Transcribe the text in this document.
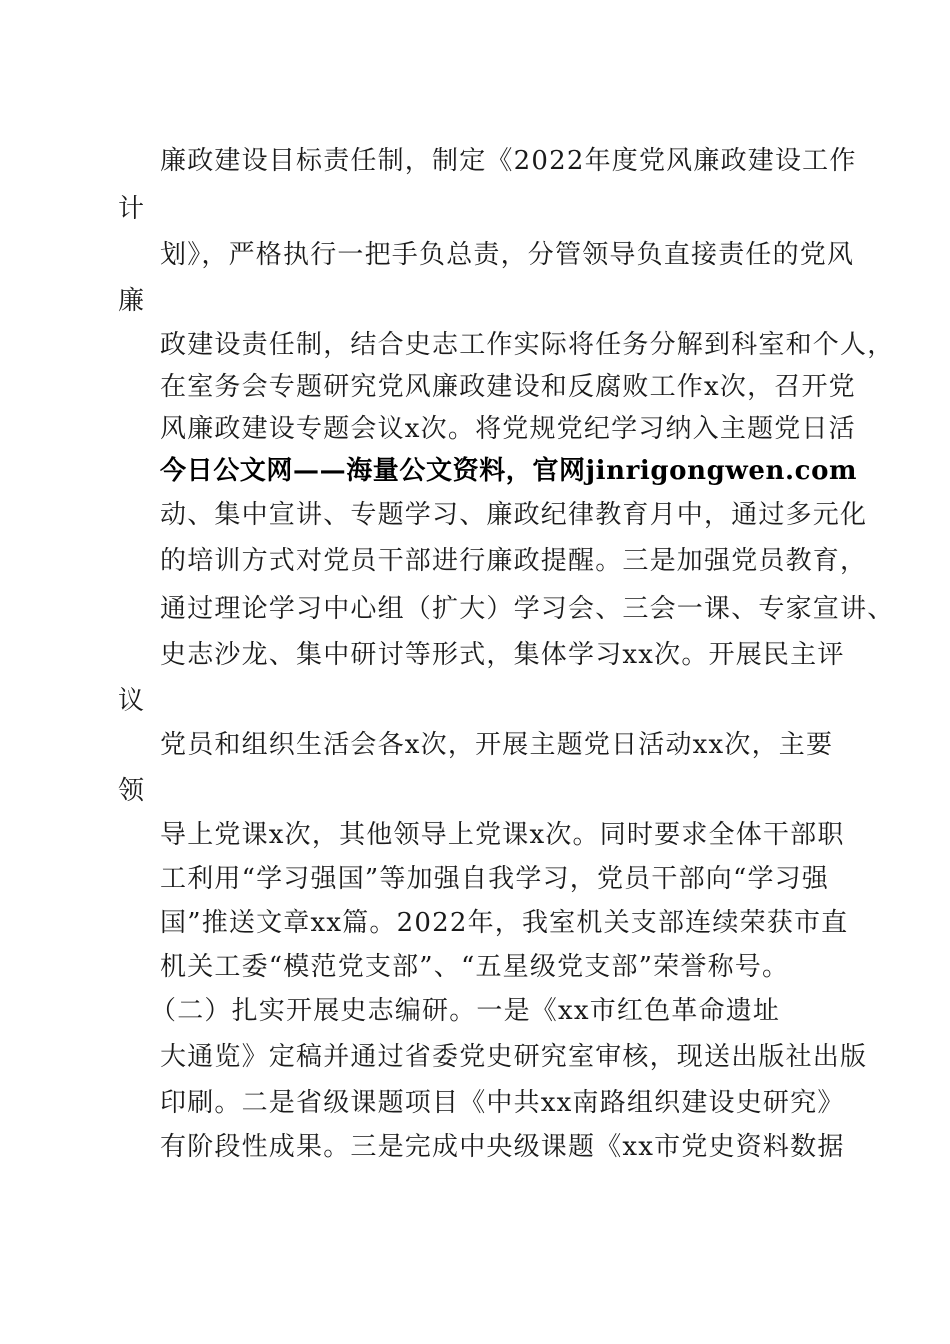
廉政建设目标责任制，制定《2022年度党风廉政建设工作
计
划》，严格执行一把手负总责，分管领导负直接责任的党风
廉
政建设责任制，结合史志工作实际将任务分解到科室和个人，
在室务会专题研究党风廉政建设和反腐败工作x次，召开党
风廉政建设专题会议x次。将党规党纪学习纳入主题党日活
今日公文网——海量公文资料，官网jinrigongwen.com
动、集中宣讲、专题学习、廉政纪律教育月中，通过多元化
的培训方式对党员干部进行廉政提醒。三是加强党员教育，
通过理论学习中心组（扩大）学习会、三会一课、专家宣讲、
史志沙龙、集中研讨等形式，集体学习xx次。开展民主评
议
党员和组织生活会各x次，开展主题党日活动xx次，主要
领
导上党课x次，其他领导上党课x次。同时要求全体干部职
工利用“学习强国”等加强自我学习，党员干部向“学习强
国”推送文章xx篇。2022年，我室机关支部连续荣获市直
机关工委“模范党支部”、“五星级党支部”荣誉称号。
（二）扎实开展史志编研。一是《xx市红色革命遗址
大通览》定稿并通过省委党史研究室审核，现送出版社出版
印刷。二是省级课题项目《中共xx南路组织建设史研究》
有阶段性成果。三是完成中央级课题《xx市党史资料数据
